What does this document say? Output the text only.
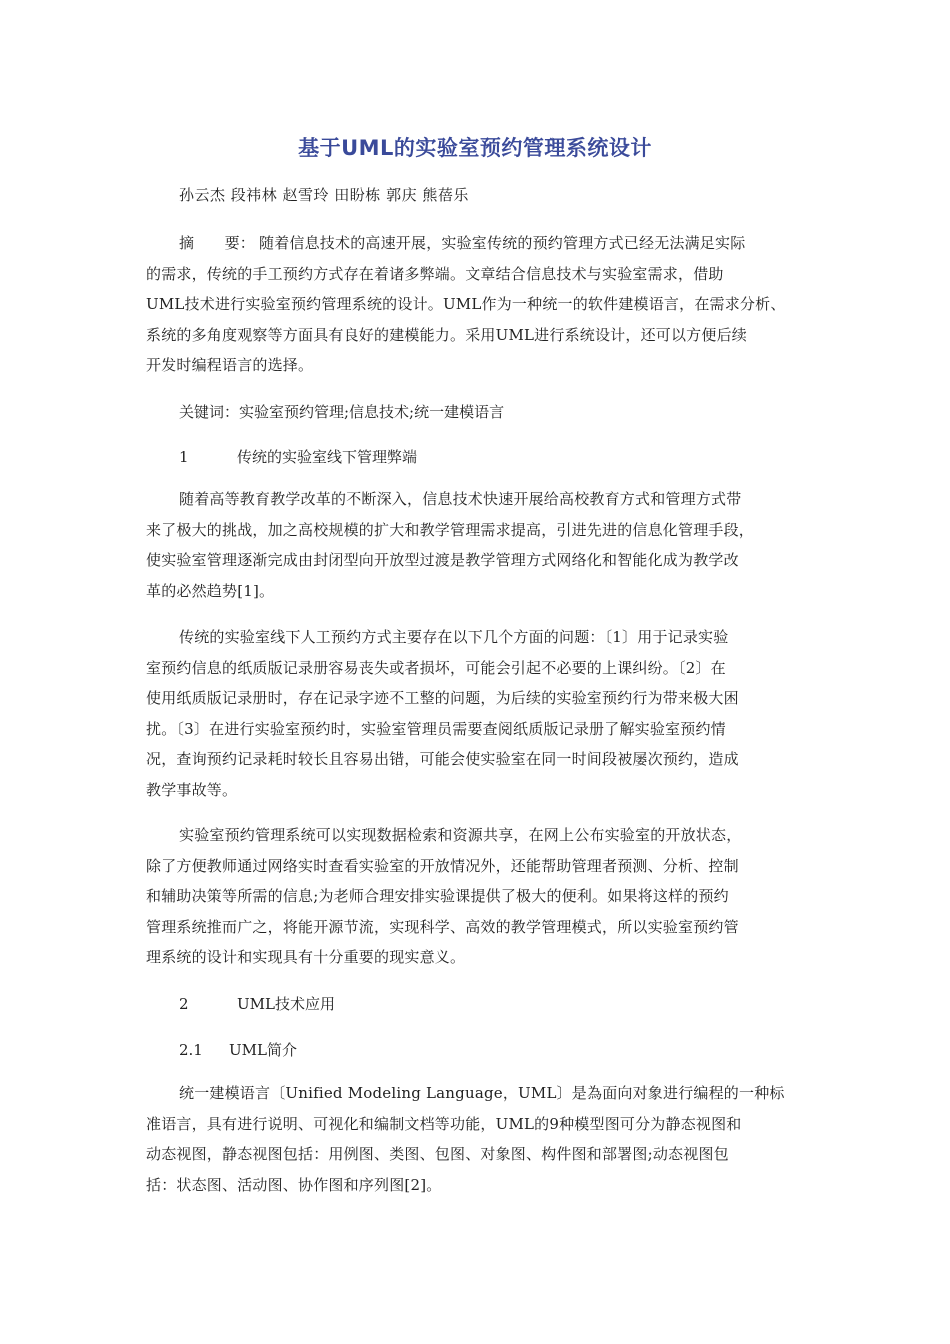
基于UML的实验室预约管理系统设计
孙云杰 段祎林 赵雪玲 田盼栋 郭庆 熊蓓乐
摘　　要： 随着信息技术的高速开展，实验室传统的预约管理方式已经无法满足实际
的需求，传统的手工预约方式存在着诸多弊端。文章结合信息技术与实验室需求，借助
UML技术进行实验室预约管理系统的设计。UML作为一种统一的软件建模语言，在需求分析、
系统的多角度观察等方面具有良好的建模能力。采用UML进行系统设计，还可以方便后续
开发时编程语言的选择。
关键词：实验室预约管理;信息技术;统一建模语言
1	传统的实验室线下管理弊端
随着高等教育教学改革的不断深入，信息技术快速开展给高校教育方式和管理方式带
来了极大的挑战，加之高校规模的扩大和教学管理需求提高，引进先进的信息化管理手段，
使实验室管理逐渐完成由封闭型向开放型过渡是教学管理方式网络化和智能化成为教学改
革的必然趋势[1]。
传统的实验室线下人工预约方式主要存在以下几个方面的问题：〔1〕用于记录实验
室预约信息的纸质版记录册容易丧失或者损坏，可能会引起不必要的上课纠纷。〔2〕在
使用纸质版记录册时，存在记录字迹不工整的问题，为后续的实验室预约行为带来极大困
扰。〔3〕在进行实验室预约时，实验室管理员需要查阅纸质版记录册了解实验室预约情
况，查询预约记录耗时较长且容易出错，可能会使实验室在同一时间段被屡次预约，造成
教学事故等。
实验室预约管理系统可以实现数据检索和资源共享，在网上公布实验室的开放状态，
除了方便教师通过网络实时查看实验室的开放情况外，还能帮助管理者预测、分析、控制
和辅助决策等所需的信息;为老师合理安排实验课提供了极大的便利。如果将这样的预约
管理系统推而广之，将能开源节流，实现科学、高效的教学管理模式，所以实验室预约管
理系统的设计和实现具有十分重要的现实意义。
2	UML技术应用
2.1 UML简介
统一建模语言〔Unified Modeling Language，UML〕是為面向对象进行编程的一种标
准语言，具有进行说明、可视化和编制文档等功能，UML的9种模型图可分为静态视图和
动态视图，静态视图包括：用例图、类图、包图、对象图、构件图和部署图;动态视图包
括：状态图、活动图、协作图和序列图[2]。
